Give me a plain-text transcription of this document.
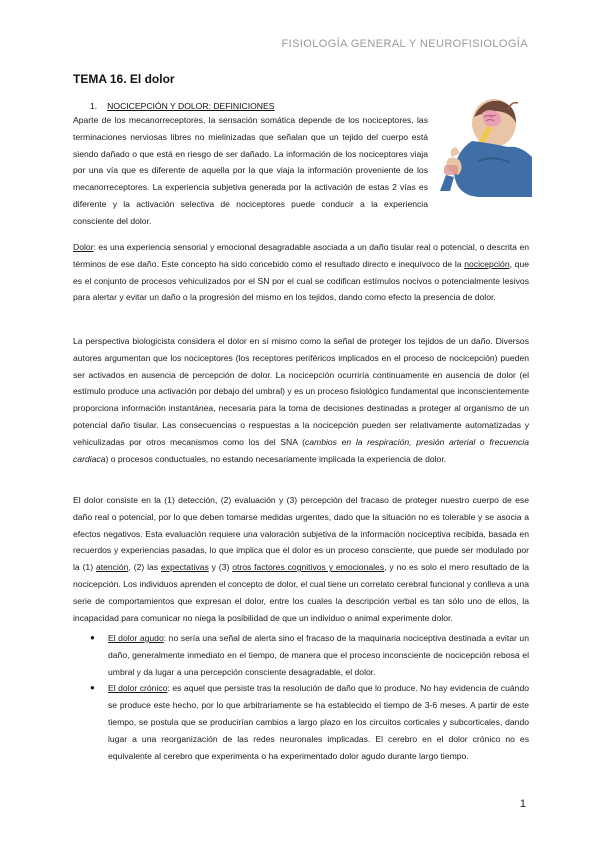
FISIOLOGÍA GENERAL Y NEUROFISIOLOGÍA
TEMA 16. El dolor
1. NOCICEPCIÓN Y DOLOR: DEFINICIONES
Aparte de los mecanorreceptores, la sensación somática depende de los nociceptores, las terminaciones nerviosas libres no mielinizadas que señalan que un tejido del cuerpo está siendo dañado o que está en riesgo de ser dañado. La información de los nociceptores viaja por una vía que es diferente de aquella por la que viaja la información proveniente de los mecanorreceptores. La experiencia subjetiva generada por la activación de estas 2 vías es diferente y la activación selectiva de nociceptores puede conducir a la experiencia consciente del dolor.
Dolor: es una experiencia sensorial y emocional desagradable asociada a un daño tisular real o potencial, o descrita en términos de ese daño. Este concepto ha sido concebido como el resultado directo e inequívoco de la nocicepción, que es el conjunto de procesos vehiculizados por el SN por el cual se codifican estímulos nocivos o potencialmente lesivos para alertar y evitar un daño o la progresión del mismo en los tejidos, dando como efecto la presencia de dolor.
La perspectiva biologicista considera el dolor en sí mismo como la señal de proteger los tejidos de un daño. Diversos autores argumentan que los nociceptores (los receptores periféricos implicados en el proceso de nocicepción) pueden ser activados en ausencia de percepción de dolor. La nocicepción ocurriría continuamente en ausencia de dolor (el estímulo produce una activación por debajo del umbral) y es un proceso fisiológico fundamental que inconscientemente proporciona información instantánea, necesaria para la toma de decisiones destinadas a proteger al organismo de un potencial daño tisular. Las consecuencias o respuestas a la nocicepción pueden ser relativamente automatizadas y vehiculizadas por otros mecanismos como los del SNA (cambios en la respiración, presión arterial o frecuencia cardiaca) o procesos conductuales, no estando necesariamente implicada la experiencia de dolor.
El dolor consiste en la (1) detección, (2) evaluación y (3) percepción del fracaso de proteger nuestro cuerpo de ese daño real o potencial, por lo que deben tomarse medidas urgentes, dado que la situación no es tolerable y se asocia a efectos negativos. Esta evaluación requiere una valoración subjetiva de la información nociceptiva recibida, basada en recuerdos y experiencias pasadas, lo que implica que el dolor es un proceso consciente, que puede ser modulado por la (1) atención, (2) las expectativas y (3) otros factores cognitivos y emocionales, y no es solo el mero resultado de la nocicepción. Los individuos aprenden el concepto de dolor, el cual tiene un correlato cerebral funcional y conlleva a una serie de comportamientos que expresan el dolor, entre los cuales la descripción verbal es tan sólo uno de ellos, la incapacidad para comunicar no niega la posibilidad de que un individuo o animal experimente dolor.
● El dolor agudo: no sería una señal de alerta sino el fracaso de la maquinaria nociceptiva destinada a evitar un daño, generalmente inmediato en el tiempo, de manera que el proceso inconsciente de nocicepción rebosa el umbral y da lugar a una percepción consciente desagradable, el dolor.
● El dolor crónico: es aquel que persiste tras la resolución de daño que lo produce. No hay evidencia de cuándo se produce este hecho, por lo que arbitrariamente se ha establecido el tiempo de 3-6 meses. A partir de este tiempo, se postula que se producirían cambios a largo plazo en los circuitos corticales y subcorticales, dando lugar a una reorganización de las redes neuronales implicadas. El cerebro en el dolor crónico no es equivalente al cerebro que experimenta o ha experimentado dolor agudo durante largo tiempo.
1
